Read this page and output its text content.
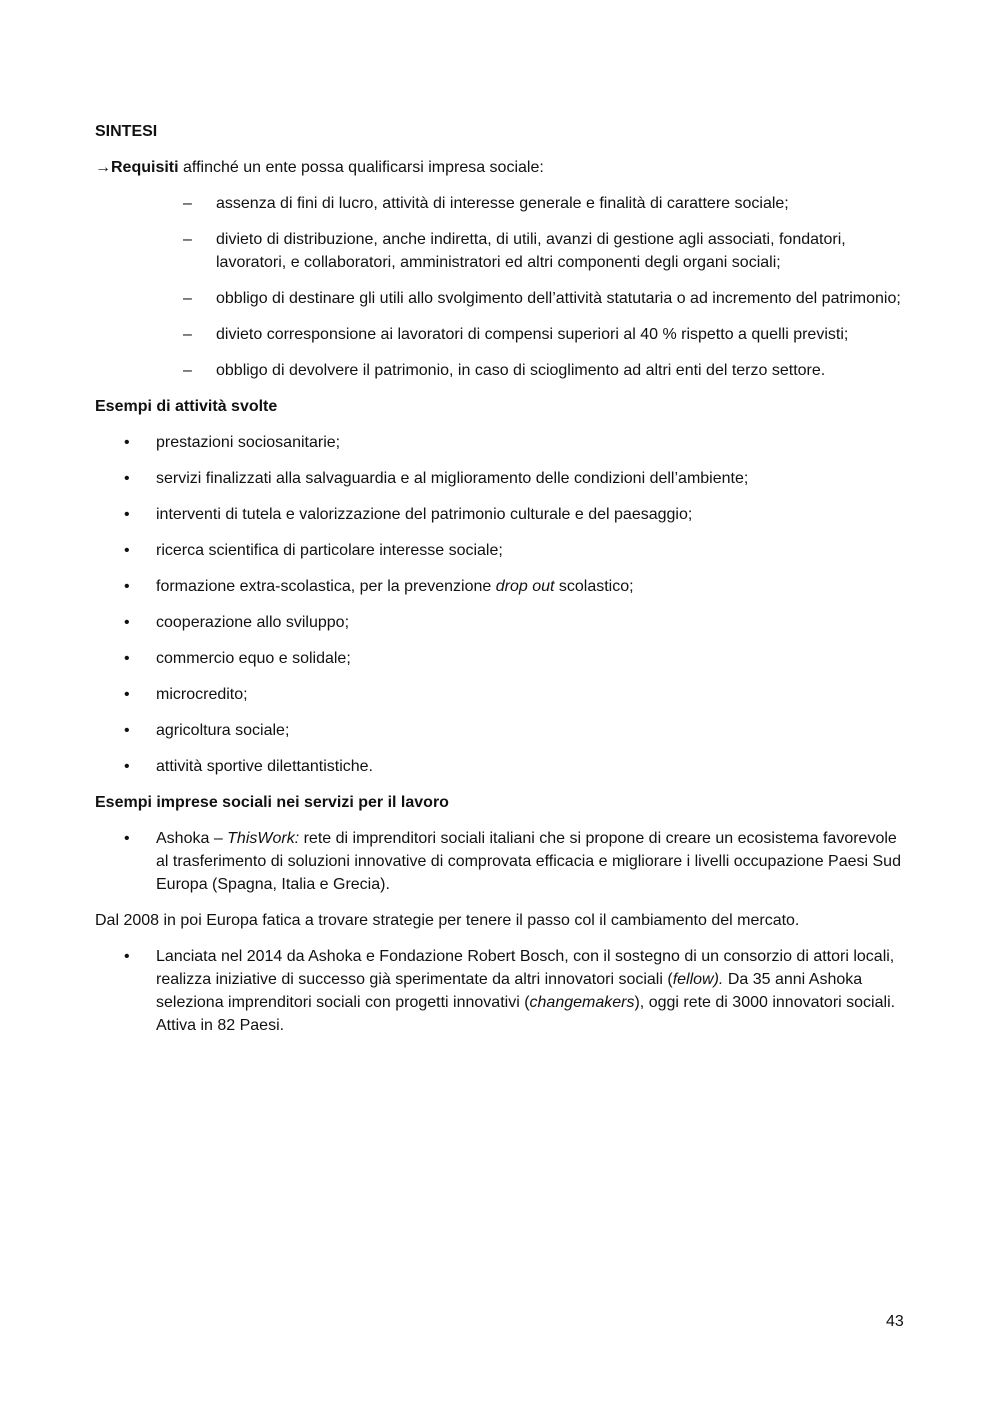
SINTESI

→Requisiti affinché un ente possa qualificarsi impresa sociale:

– assenza di fini di lucro, attività di interesse generale e finalità di carattere sociale;
– divieto di distribuzione, anche indiretta, di utili, avanzi di gestione agli associati, fondatori, lavoratori, e collaboratori, amministratori ed altri componenti degli organi sociali;
– obbligo di destinare gli utili allo svolgimento dell’attività statutaria o ad incremento del patrimonio;
– divieto corresponsione ai lavoratori di compensi superiori al 40 % rispetto a quelli previsti;
– obbligo di devolvere il patrimonio, in caso di scioglimento ad altri enti del terzo settore.

Esempi di attività svolte

• prestazioni sociosanitarie;
• servizi finalizzati alla salvaguardia e al miglioramento delle condizioni dell’ambiente;
• interventi di tutela e valorizzazione del patrimonio culturale e del paesaggio;
• ricerca scientifica di particolare interesse sociale;
• formazione extra-scolastica, per la prevenzione drop out scolastico;
• cooperazione allo sviluppo;
• commercio equo e solidale;
• microcredito;
• agricoltura sociale;
• attività sportive dilettantistiche.

Esempi imprese sociali nei servizi per il lavoro

• Ashoka – ThisWork: rete di imprenditori sociali italiani che si propone di creare un ecosistema favorevole al trasferimento di soluzioni innovative di comprovata efficacia e migliorare i livelli occupazione Paesi Sud Europa (Spagna, Italia e Grecia).

Dal 2008 in poi Europa fatica a trovare strategie per tenere il passo col il cambiamento del mercato.

• Lanciata nel 2014 da Ashoka e Fondazione Robert Bosch, con il sostegno di un consorzio di attori locali, realizza iniziative di successo già sperimentate da altri innovatori sociali (fellow). Da 35 anni Ashoka seleziona imprenditori sociali con progetti innovativi (changemakers), oggi rete di 3000 innovatori sociali. Attiva in 82 Paesi.
43
